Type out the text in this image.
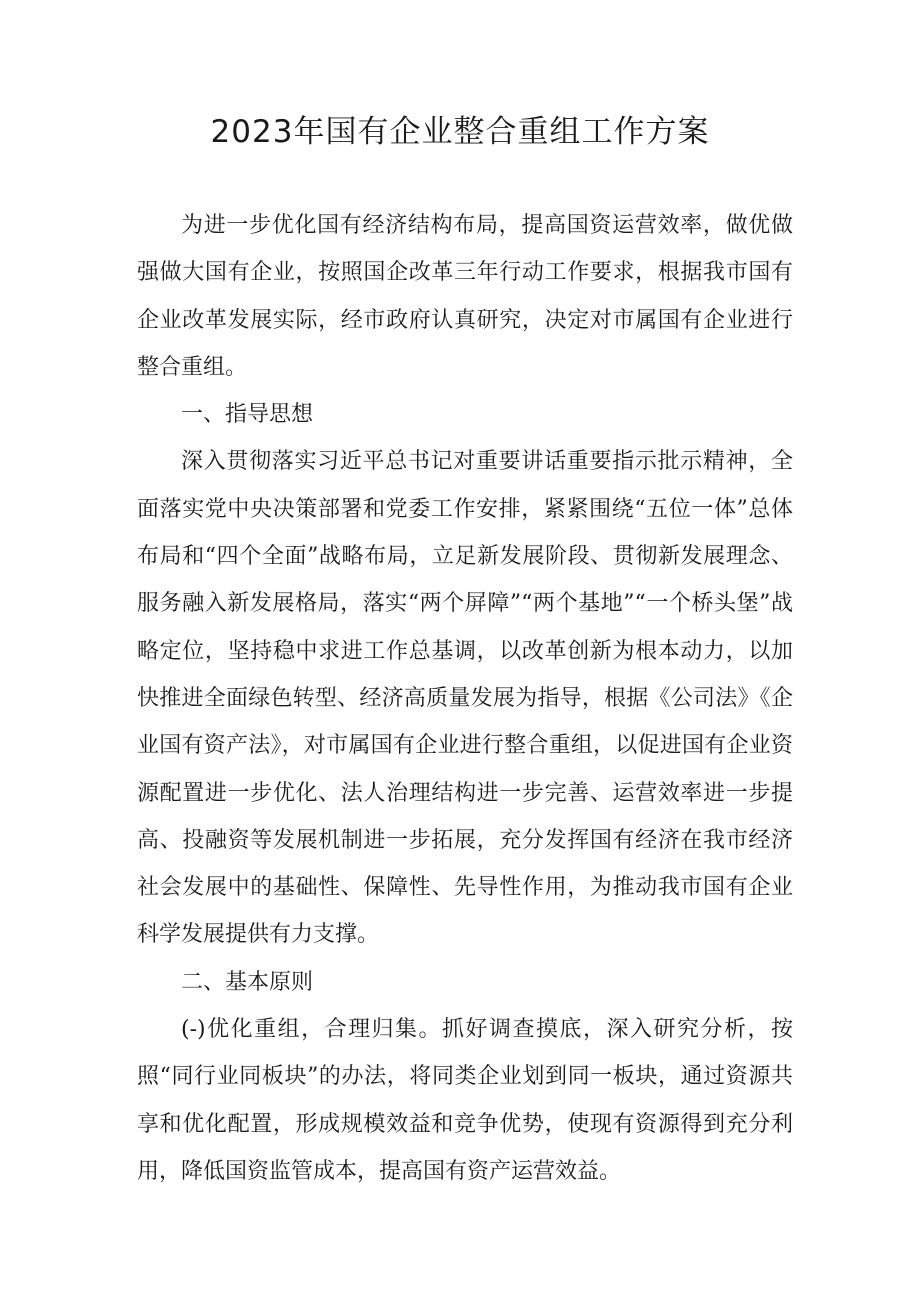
2023年国有企业整合重组工作方案

为进一步优化国有经济结构布局，提高国资运营效率，做优做强做大国有企业，按照国企改革三年行动工作要求，根据我市国有企业改革发展实际，经市政府认真研究，决定对市属国有企业进行整合重组。

一、指导思想

深入贯彻落实习近平总书记对重要讲话重要指示批示精神，全面落实党中央决策部署和党委工作安排，紧紧围绕“五位一体”总体布局和“四个全面”战略布局，立足新发展阶段、贯彻新发展理念、服务融入新发展格局，落实“两个屏障”“两个基地”“一个桥头堡”战略定位，坚持稳中求进工作总基调，以改革创新为根本动力，以加快推进全面绿色转型、经济高质量发展为指导，根据《公司法》《企业国有资产法》，对市属国有企业进行整合重组，以促进国有企业资源配置进一步优化、法人治理结构进一步完善、运营效率进一步提高、投融资等发展机制进一步拓展，充分发挥国有经济在我市经济社会发展中的基础性、保障性、先导性作用，为推动我市国有企业科学发展提供有力支撑。

二、基本原则

(-)优化重组，合理归集。抓好调查摸底，深入研究分析，按照“同行业同板块”的办法，将同类企业划到同一板块，通过资源共享和优化配置，形成规模效益和竞争优势，使现有资源得到充分利用，降低国资监管成本，提高国有资产运营效益。
